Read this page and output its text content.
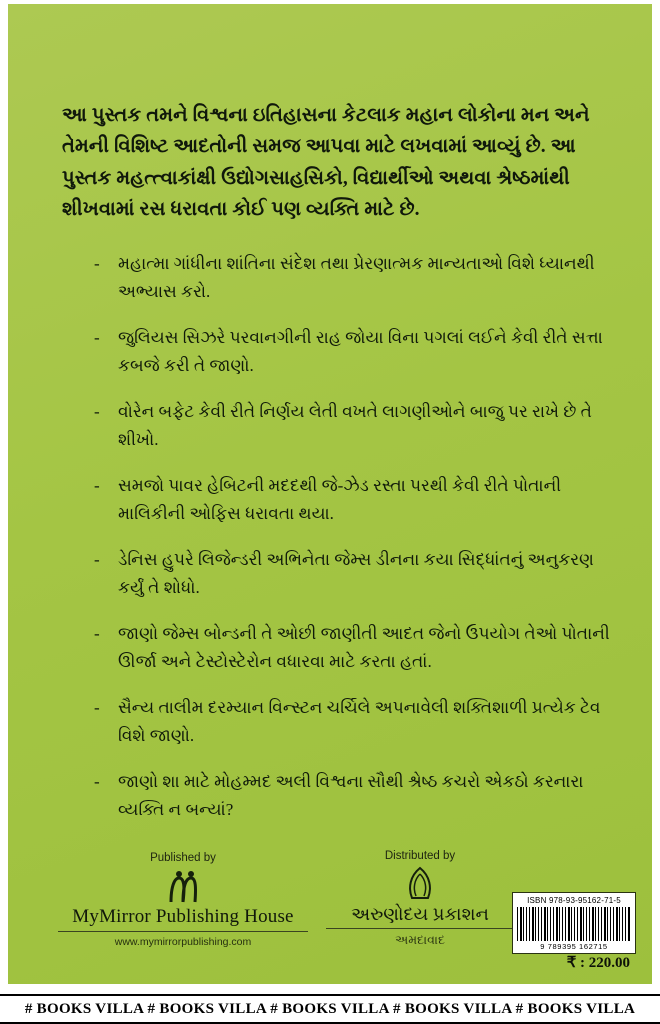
આ પુસ્તક તમને વિશ્વના ઇતિહાસના કેટલાક મહાન લોકોના મન અને તેમની વિશિષ્ટ આદતોની સમજ આપવા માટે લખવામાં આવ્યું છે. આ પુસ્તક મહત્ત્વાકાંક્ષી ઉદ્યોગસાહસિકો, વિદ્યાર્થીઓ અથવા શ્રેષ્ઠમાંથી શીખવામાં રસ ધરાવતા કોઈ પણ વ્યક્તિ માટે છે.

- મહાત્મા ગાંધીના શાંતિના સંદેશ તથા પ્રેરણાત્મક માન્યતાઓ વિશે ધ્યાનથી અભ્યાસ કરો.
- જુલિયસ સિઝરે પરવાનગીની રાહ જોયા વિના પગલાં લઈને કેવી રીતે સત્તા કબજે કરી તે જાણો.
- વોરેન બફેટ કેવી રીતે નિર્ણય લેતી વખતે લાગણીઓને બાજુ પર રાખે છે તે શીખો.
- સમજો પાવર હેબિટની મદદથી જે-ઝેડ રસ્તા પરથી કેવી રીતે પોતાની માલિકીની ઓફિસ ધરાવતા થયા.
- ડેનિસ હુપરે લિજેન્ડરી અભિનેતા જેમ્સ ડીનના કયા સિદ્ધાંતનું અનુકરણ કર્યું તે શોધો.
- જાણો જેમ્સ બોન્ડની તે ઓછી જાણીતી આદત જેનો ઉપયોગ તેઓ પોતાની ઊર્જા અને ટેસ્ટોસ્ટેરોન વધારવા માટે કરતા હતાં.
- સૈન્ય તાલીમ દરમ્યાન વિન્સ્ટન ચર્ચિલે અપનાવેલી શક્તિશાળી પ્રત્યેક ટેવ વિશે જાણો.
- જાણો શા માટે મોહમ્મદ અલી વિશ્વના સૌથી શ્રેષ્ઠ કચરો એકઠો કરનારા વ્યક્તિ ન બન્યાં?
Published by
MyMirror Publishing House
www.mymirrorpublishing.com
Distributed by
અરુણોદય પ્રકાશન
અમદાવાદ
ISBN 978-93-95162-71-5
9 789395 162715
₹ : 220.00
# BOOKS VILLA # BOOKS VILLA # BOOKS VILLA # BOOKS VILLA # BOOKS VILLA
